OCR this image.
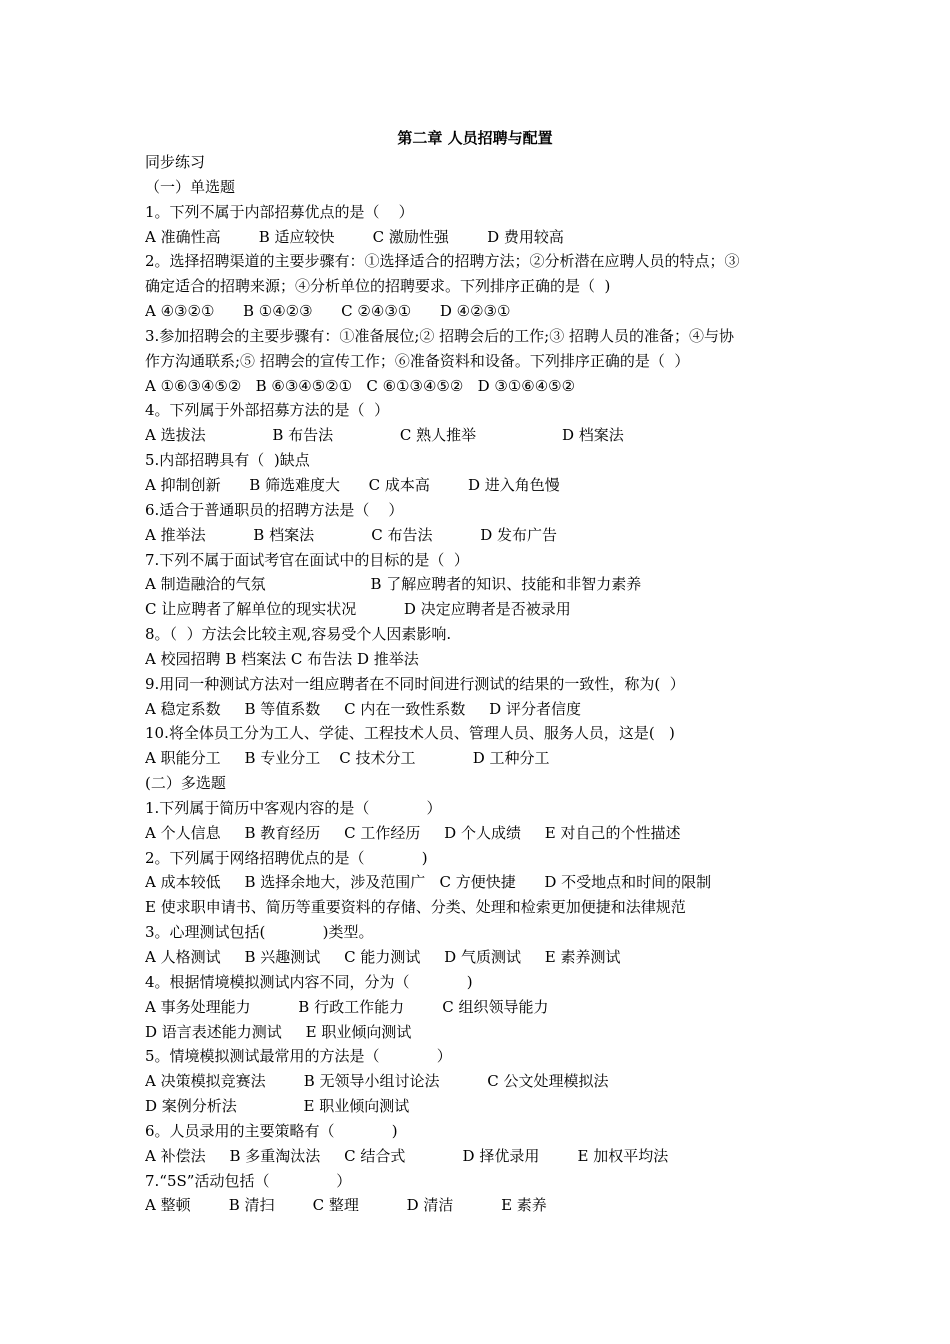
第二章 人员招聘与配置
同步练习
（一）单选题
1。下列不属于内部招募优点的是（    ）
A 准确性高        B 适应较快        C 激励性强        D 费用较高
2。选择招聘渠道的主要步骤有：①选择适合的招聘方法；②分析潜在应聘人员的特点；③
确定适合的招聘来源；④分析单位的招聘要求。下列排序正确的是（  )
A ④③②①      B ①④②③      C ②④③①      D ④②③①
3.参加招聘会的主要步骤有：①准备展位;② 招聘会后的工作;③ 招聘人员的准备；④与协
作方沟通联系;⑤ 招聘会的宣传工作；⑥准备资料和设备。下列排序正确的是（  ）
A ①⑥③④⑤②   B ⑥③④⑤②①   C ⑥①③④⑤②   D ③①⑥④⑤②
4。下列属于外部招募方法的是（  ）
A 选拔法              B 布告法              C 熟人推举                  D 档案法
5.内部招聘具有（  )缺点
A 抑制创新      B 筛选难度大      C 成本高        D 进入角色慢
6.适合于普通职员的招聘方法是（    ）
A 推举法          B 档案法            C 布告法          D 发布广告
7.下列不属于面试考官在面试中的目标的是（  ）
A 制造融洽的气氛                      B 了解应聘者的知识、技能和非智力素养
C 让应聘者了解单位的现实状况          D 决定应聘者是否被录用
8。（  ）方法会比较主观,容易受个人因素影响.
A 校园招聘 B 档案法 C 布告法 D 推举法
9.用同一种测试方法对一组应聘者在不同时间进行测试的结果的一致性，称为(  ）
A 稳定系数     B 等值系数     C 内在一致性系数     D 评分者信度
10.将全体员工分为工人、学徒、工程技术人员、管理人员、服务人员，这是(   )
A 职能分工     B 专业分工    C 技术分工            D 工种分工
(二）多选题
1.下列属于简历中客观内容的是（            ）
A 个人信息     B 教育经历     C 工作经历     D 个人成绩     E 对自己的个性描述
2。下列属于网络招聘优点的是（            )
A 成本较低     B 选择余地大，涉及范围广   C 方便快捷      D 不受地点和时间的限制
E 使求职申请书、简历等重要资料的存储、分类、处理和检索更加便捷和法律规范
3。心理测试包括(            )类型。
A 人格测试     B 兴趣测试     C 能力测试     D 气质测试     E 素养测试
4。根据情境模拟测试内容不同，分为（            )
A 事务处理能力          B 行政工作能力        C 组织领导能力
D 语言表述能力测试     E 职业倾向测试
5。情境模拟测试最常用的方法是（            ）
A 决策模拟竞赛法        B 无领导小组讨论法          C 公文处理模拟法
D 案例分析法              E 职业倾向测试
6。人员录用的主要策略有（            )
A 补偿法     B 多重淘汰法     C 结合式            D 择优录用        E 加权平均法
7.“5S”活动包括（              ）
A 整顿        B 清扫        C 整理          D 清洁          E 素养
